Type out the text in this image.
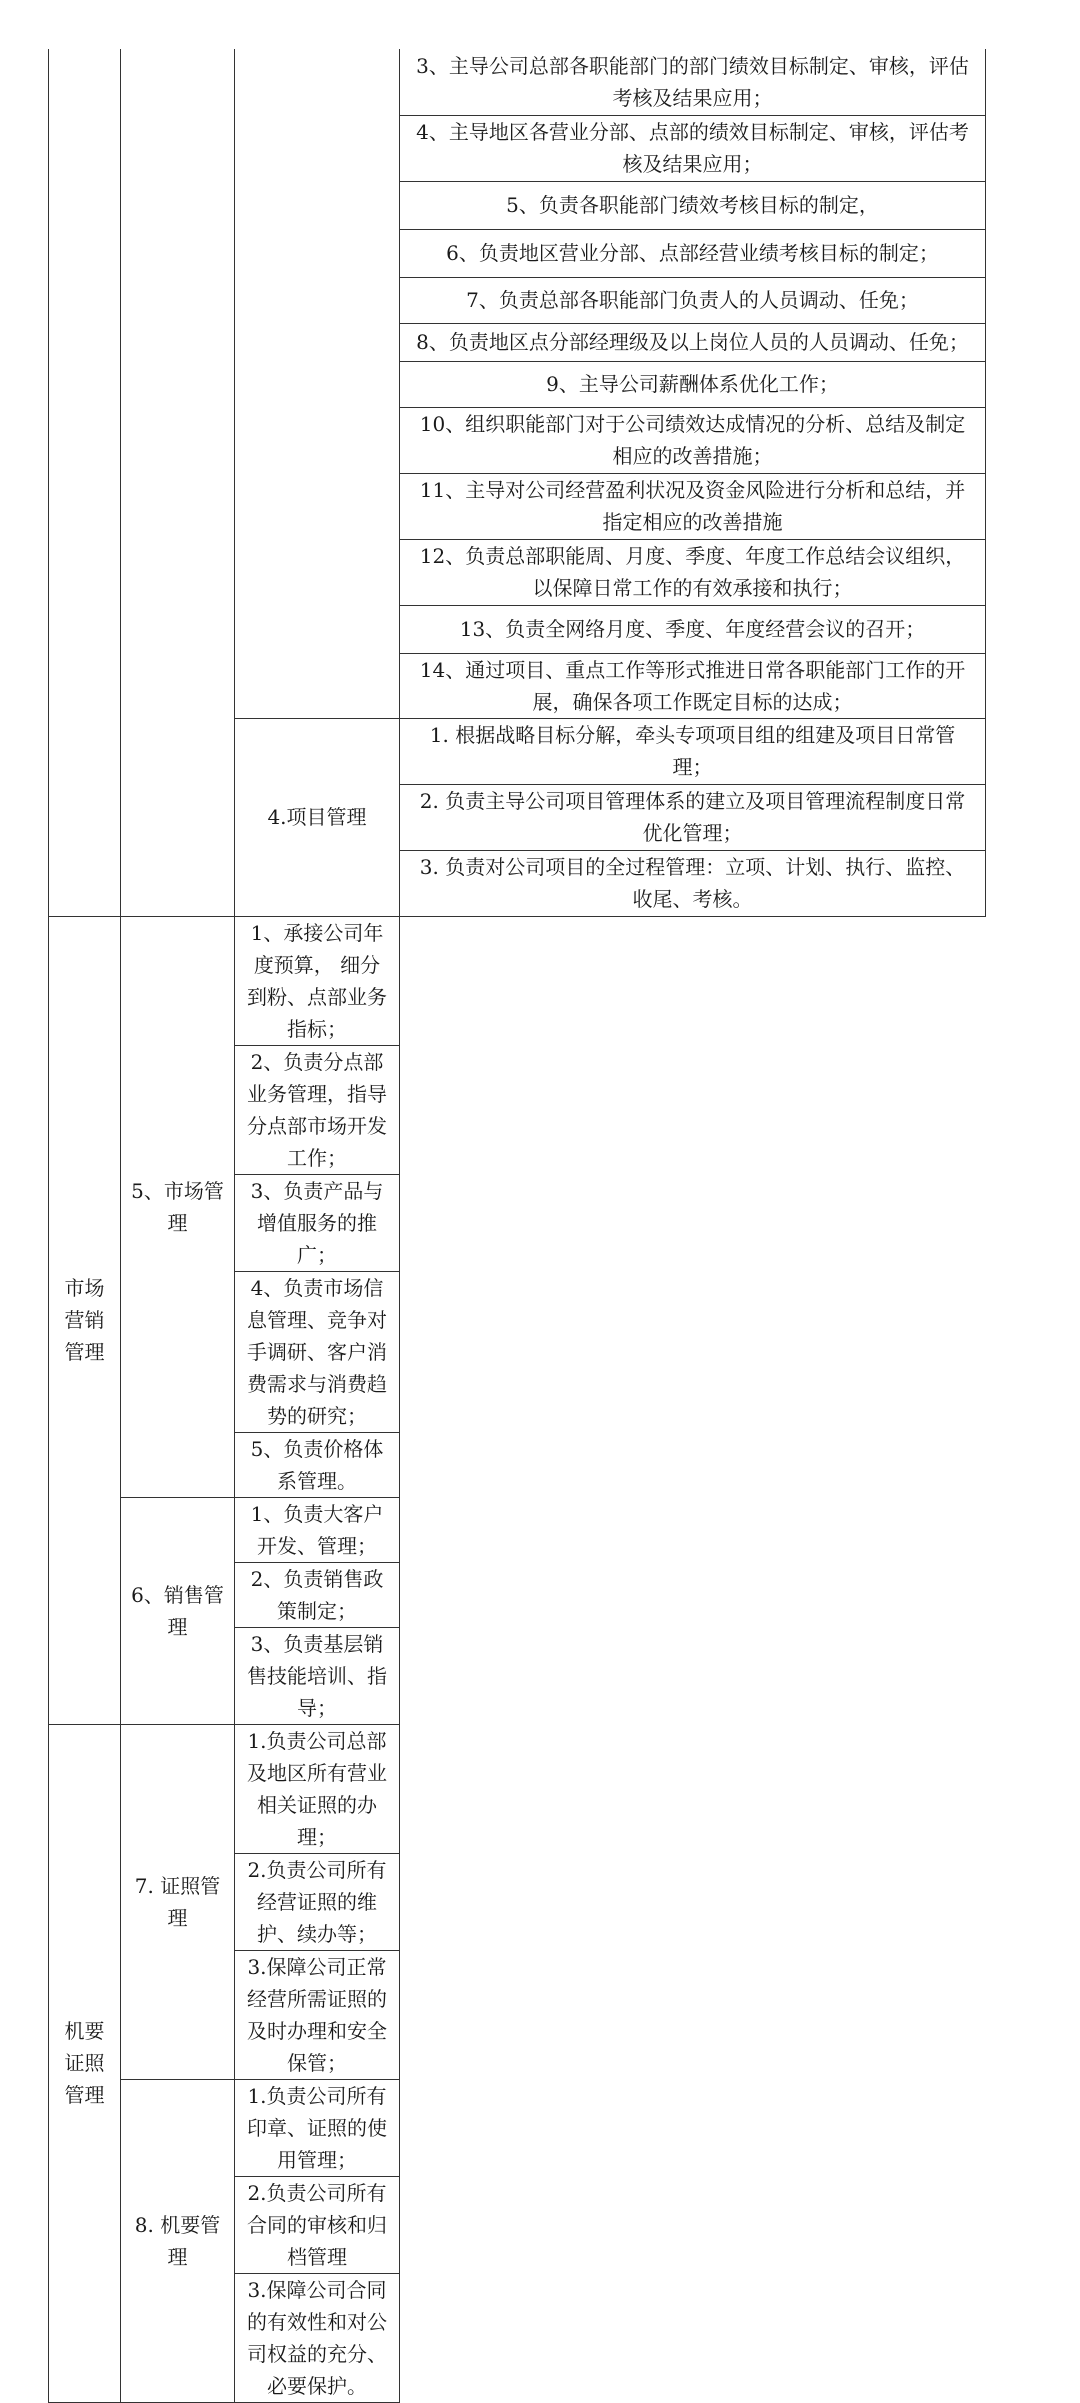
			3、主导公司总部各职能部门的部门绩效目标制定、审核，评估考核及结果应用；
			4、主导地区各营业分部、点部的绩效目标制定、审核，评估考核及结果应用；
			5、负责各职能部门绩效考核目标的制定，
			6、负责地区营业分部、点部经营业绩考核目标的制定；
			7、负责总部各职能部门负责人的人员调动、任免；
			8、负责地区点分部经理级及以上岗位人员的人员调动、任免；
			9、主导公司薪酬体系优化工作；
			10、组织职能部门对于公司绩效达成情况的分析、总结及制定相应的改善措施；
			11、主导对公司经营盈利状况及资金风险进行分析和总结，并指定相应的改善措施
			12、负责总部职能周、月度、季度、年度工作总结会议组织，以保障日常工作的有效承接和执行；
			13、负责全网络月度、季度、年度经营会议的召开；
			14、通过项目、重点工作等形式推进日常各职能部门工作的开展，确保各项工作既定目标的达成；
		4.项目管理	1. 根据战略目标分解，牵头专项项目组的组建及项目日常管理；
			2. 负责主导公司项目管理体系的建立及项目管理流程制度日常优化管理；
			3. 负责对公司项目的全过程管理：立项、计划、执行、监控、收尾、考核。
市场营销管理	5、市场管理	1、承接公司年度预算， 细分到粉、点部业务指标；	
		2、负责分点部业务管理，指导分点部市场开发工作；	
		3、负责产品与增值服务的推广；	
		4、负责市场信息管理、竞争对手调研、客户消费需求与消费趋势的研究；	
		5、负责价格体系管理。	
	6、销售管理	1、负责大客户开发、管理；	
		2、负责销售政策制定；	
		3、负责基层销售技能培训、指导；	
机要证照管理	7. 证照管理	1.负责公司总部及地区所有营业相关证照的办理；	
		2.负责公司所有经营证照的维护、续办等；	
		3.保障公司正常经营所需证照的及时办理和安全保管；	
	8. 机要管理	1.负责公司所有印章、证照的使用管理；	
		2.负责公司所有合同的审核和归档管理	
		3.保障公司合同的有效性和对公司权益的充分、必要保护。	
